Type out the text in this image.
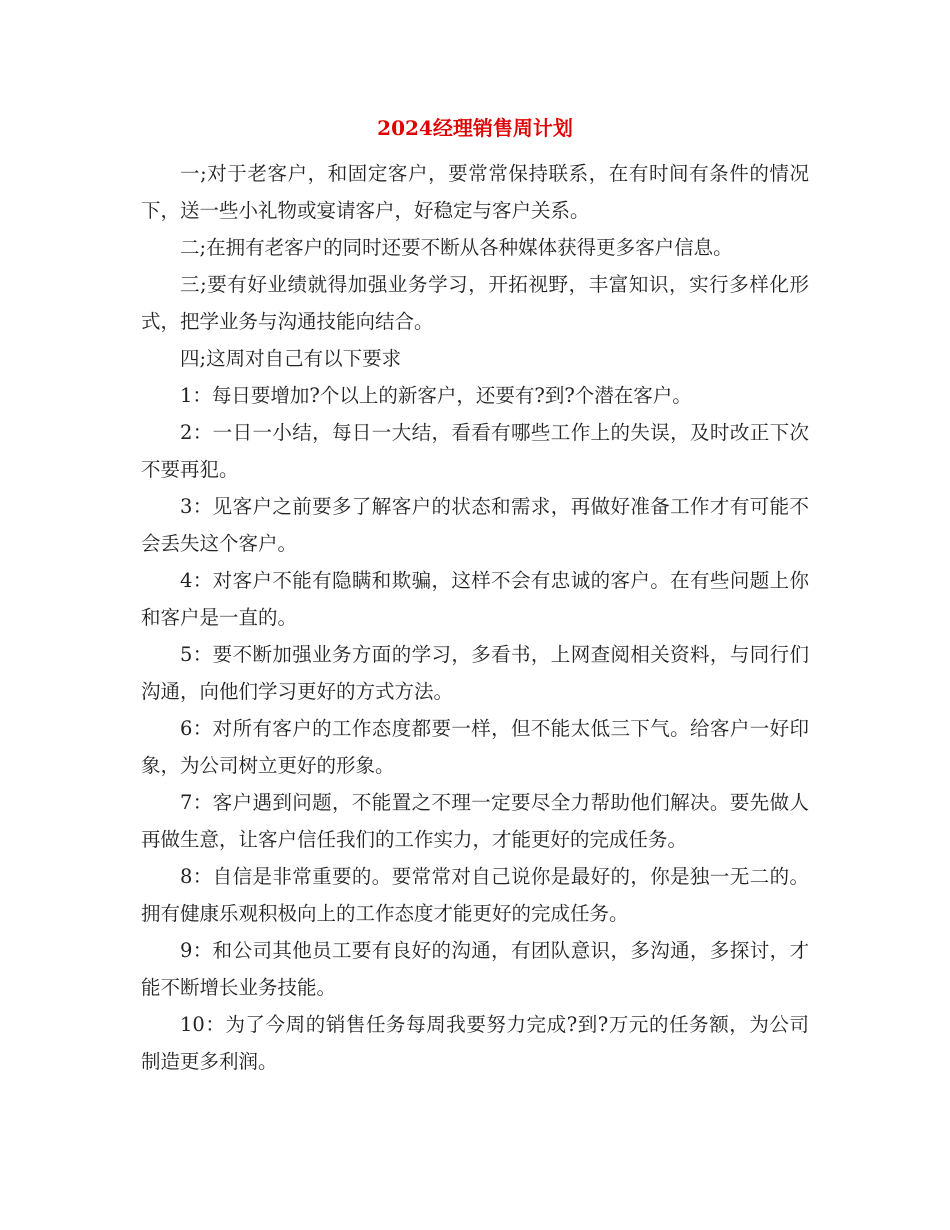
2024经理销售周计划

一;对于老客户，和固定客户，要常常保持联系，在有时间有条件的情况下，送一些小礼物或宴请客户，好稳定与客户关系。

二;在拥有老客户的同时还要不断从各种媒体获得更多客户信息。

三;要有好业绩就得加强业务学习，开拓视野，丰富知识，实行多样化形式，把学业务与沟通技能向结合。

四;这周对自己有以下要求

1：每日要增加?个以上的新客户，还要有?到?个潜在客户。

2：一日一小结，每日一大结，看看有哪些工作上的失误，及时改正下次不要再犯。

3：见客户之前要多了解客户的状态和需求，再做好准备工作才有可能不会丢失这个客户。

4：对客户不能有隐瞒和欺骗，这样不会有忠诚的客户。在有些问题上你和客户是一直的。

5：要不断加强业务方面的学习，多看书，上网查阅相关资料，与同行们沟通，向他们学习更好的方式方法。

6：对所有客户的工作态度都要一样，但不能太低三下气。给客户一好印象，为公司树立更好的形象。

7：客户遇到问题，不能置之不理一定要尽全力帮助他们解决。要先做人再做生意，让客户信任我们的工作实力，才能更好的完成任务。

8：自信是非常重要的。要常常对自己说你是最好的，你是独一无二的。拥有健康乐观积极向上的工作态度才能更好的完成任务。

9：和公司其他员工要有良好的沟通，有团队意识，多沟通，多探讨，才能不断增长业务技能。

10：为了今周的销售任务每周我要努力完成?到?万元的任务额，为公司制造更多利润。
